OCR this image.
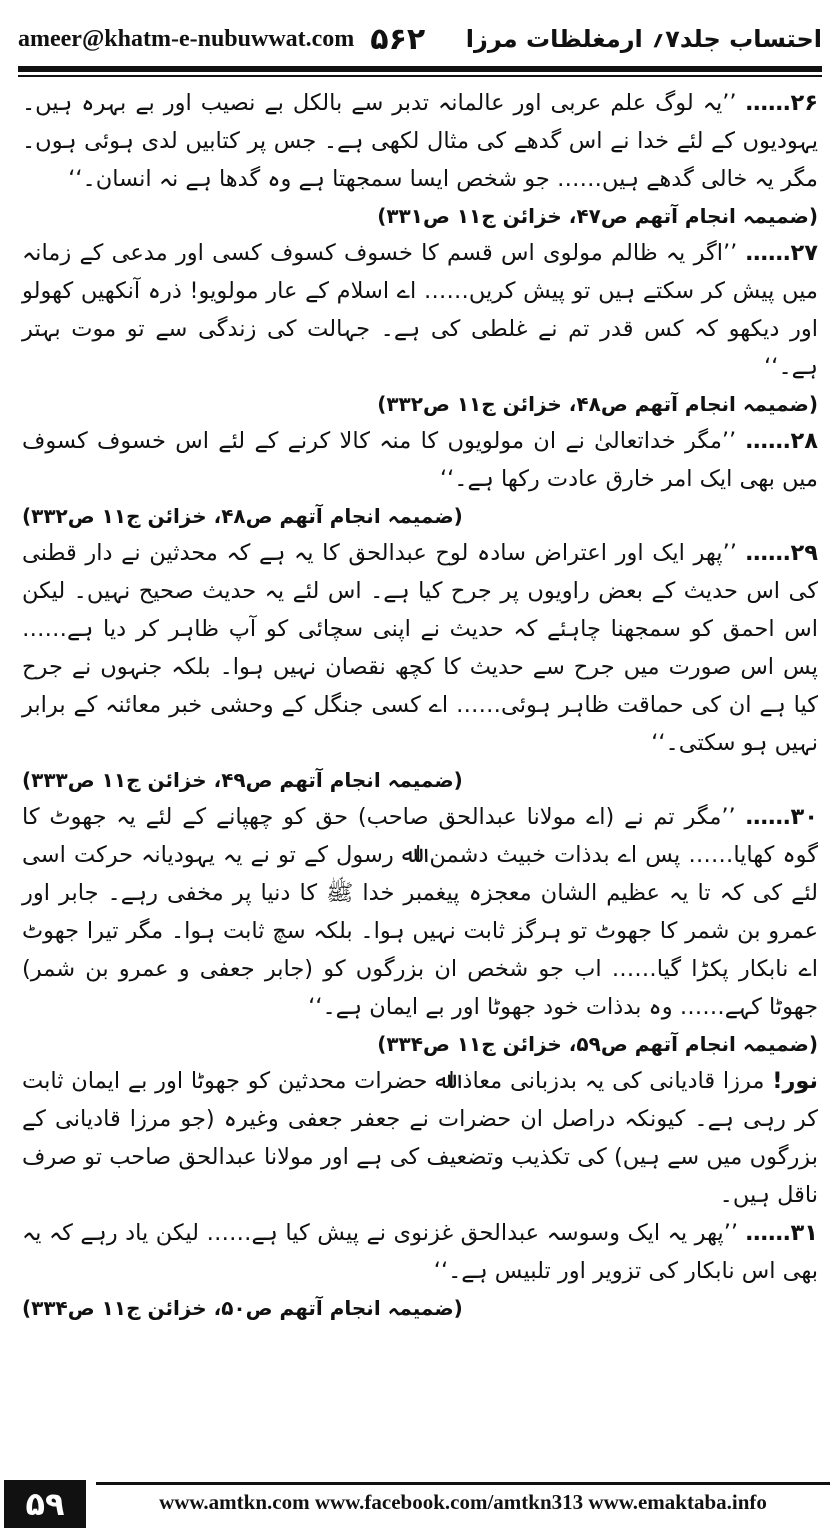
ameer@khatm-e-nubuwwat.com ۵۶۲ احتساب جلد۷؍ ارمغلظات مرزا

۲۶…… ’’یہ لوگ علم عربی اور عالمانہ تدبر سے بالکل بے نصیب اور بے بہرہ ہیں۔ یہودیوں کے لئے خدا نے اس گدھے کی مثال لکھی ہے۔ جس پر کتابیں لدی ہوئی ہوں۔ مگر یہ خالی گدھے ہیں…… جو شخص ایسا سمجھتا ہے وہ گدھا ہے نہ انسان۔‘‘

(ضمیمہ انجام آتھم ص۴۷، خزائن ج۱۱ ص۳۳۱)

۲۷…… ’’اگر یہ ظالم مولوی اس قسم کا خسوف کسوف کسی اور مدعی کے زمانہ میں پیش کر سکتے ہیں تو پیش کریں…… اے اسلام کے عار مولویو! ذرہ آنکھیں کھولو اور دیکھو کہ کس قدر تم نے غلطی کی ہے۔ جہالت کی زندگی سے تو موت بہتر ہے۔‘‘

(ضمیمہ انجام آتھم ص۴۸، خزائن ج۱۱ ص۳۳۲)

۲۸…… ’’مگر خداتعالیٰ نے ان مولویوں کا منہ کالا کرنے کے لئے اس خسوف کسوف میں بھی ایک امر خارق عادت رکھا ہے۔‘‘

(ضمیمہ انجام آتھم ص۴۸، خزائن ج۱۱ ص۳۳۲)

۲۹…… ’’پھر ایک اور اعتراض سادہ لوح عبدالحق کا یہ ہے کہ محدثین نے دار قطنی کی اس حدیث کے بعض راویوں پر جرح کیا ہے۔ اس لئے یہ حدیث صحیح نہیں۔ لیکن اس احمق کو سمجھنا چاہئے کہ حدیث نے اپنی سچائی کو آپ ظاہر کر دیا ہے…… پس اس صورت میں جرح سے حدیث کا کچھ نقصان نہیں ہوا۔ بلکہ جنہوں نے جرح کیا ہے ان کی حماقت ظاہر ہوئی…… اے کسی جنگل کے وحشی خبر معائنہ کے برابر نہیں ہو سکتی۔‘‘

(ضمیمہ انجام آتھم ص۴۹، خزائن ج۱۱ ص۳۳۳)

۳۰…… ’’مگر تم نے (اے مولانا عبدالحق صاحب) حق کو چھپانے کے لئے یہ جھوٹ کا گوہ کھایا…… پس اے بدذات خبیث دشمن اﷲ رسول کے تو نے یہ یہودیانہ حرکت اسی لئے کی کہ تا یہ عظیم الشان معجزہ پیغمبر خدا ﷺ کا دنیا پر مخفی رہے۔ جابر اور عمرو بن شمر کا جھوٹ تو ہرگز ثابت نہیں ہوا۔ بلکہ سچ ثابت ہوا۔ مگر تیرا جھوٹ اے نابکار پکڑا گیا…… اب جو شخص ان بزرگوں کو (جابر جعفی و عمرو بن شمر) جھوٹا کہے…… وہ بدذات خود جھوٹا اور بے ایمان ہے۔‘‘

(ضمیمہ انجام آتھم ص۵۹، خزائن ج۱۱ ص۳۳۴)

نور! مرزا قادیانی کی یہ بدزبانی معاذ اﷲ حضرات محدثین کو جھوٹا اور بے ایمان ثابت کر رہی ہے۔ کیونکہ دراصل ان حضرات نے جعفر جعفی وغیرہ (جو مرزا قادیانی کے بزرگوں میں سے ہیں) کی تکذیب وتضعیف کی ہے اور مولانا عبدالحق صاحب تو صرف ناقل ہیں۔

۳۱…… ’’پھر یہ ایک وسوسہ عبدالحق غزنوی نے پیش کیا ہے…… لیکن یاد رہے کہ یہ بھی اس نابکار کی تزویر اور تلبیس ہے۔‘‘

(ضمیمہ انجام آتھم ص۵۰، خزائن ج۱۱ ص۳۳۴)
۵۹	www.amtkn.com www.facebook.com/amtkn313 www.emaktaba.info
